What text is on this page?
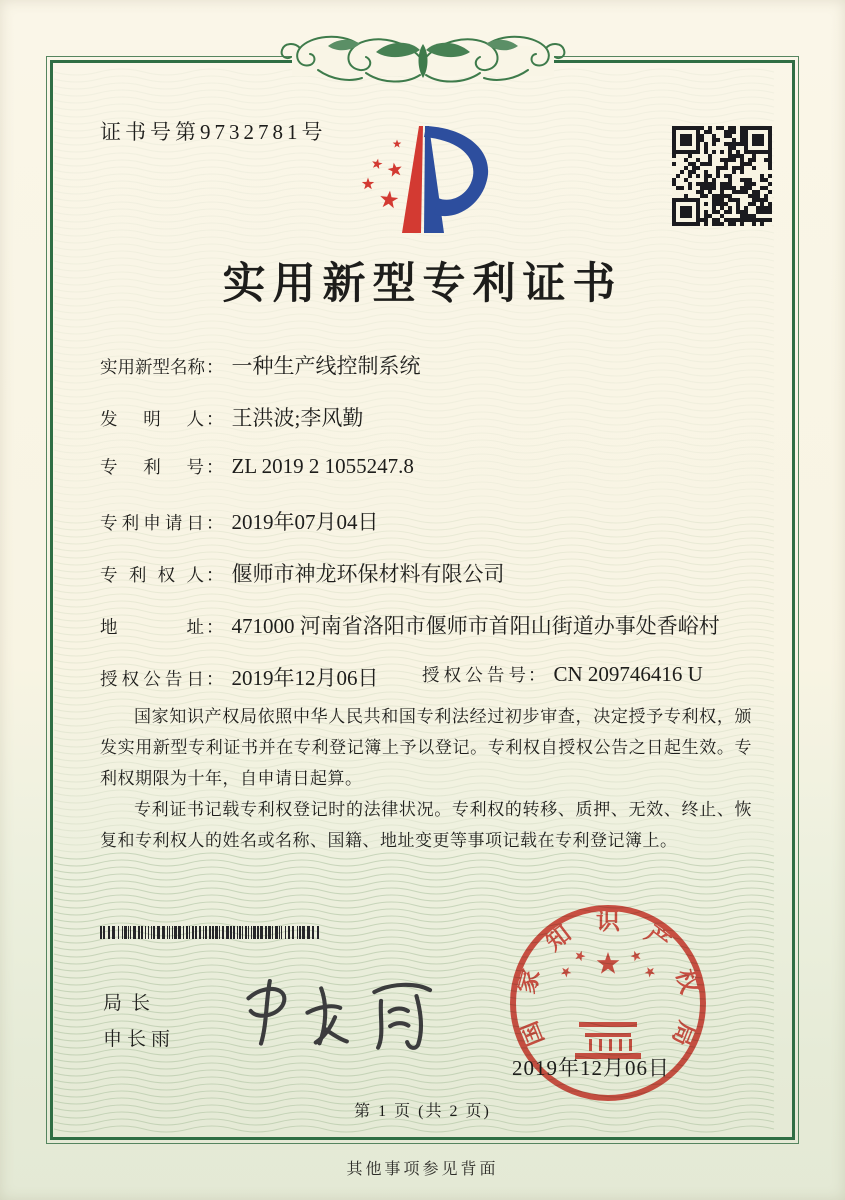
证书号第9732781号
实用新型专利证书
实 用 新 型 名 称 ： 一种生产线控制系统
发 明 人 ： 王洪波;李风勤
专 利 号 ： ZL 2019 2 1055247.8
专 利 申 请 日 ： 2019年07月04日
专 利 权 人 ： 偃师市神龙环保材料有限公司
地	址 ： 471000 河南省洛阳市偃师市首阳山街道办事处香峪村
授 权 公 告 日 ： 2019年12月06日 授 权 公 告 号 ： CN 209746416 U

国家知识产权局依照中华人民共和国专利法经过初步审查，决定授予专利权，颁发实用新型专利证书并在专利登记簿上予以登记。专利权自授权公告之日起生效。专利权期限为十年，自申请日起算。

专利证书记载专利权登记时的法律状况。专利权的转移、质押、无效、终止、恢复和专利权人的姓名或名称、国籍、地址变更等事项记载在专利登记簿上。

局长
申长雨	国
家
知 识 产
权
局
2019年12月06日
第 1 页 (共 2 页)
其他事项参见背面
